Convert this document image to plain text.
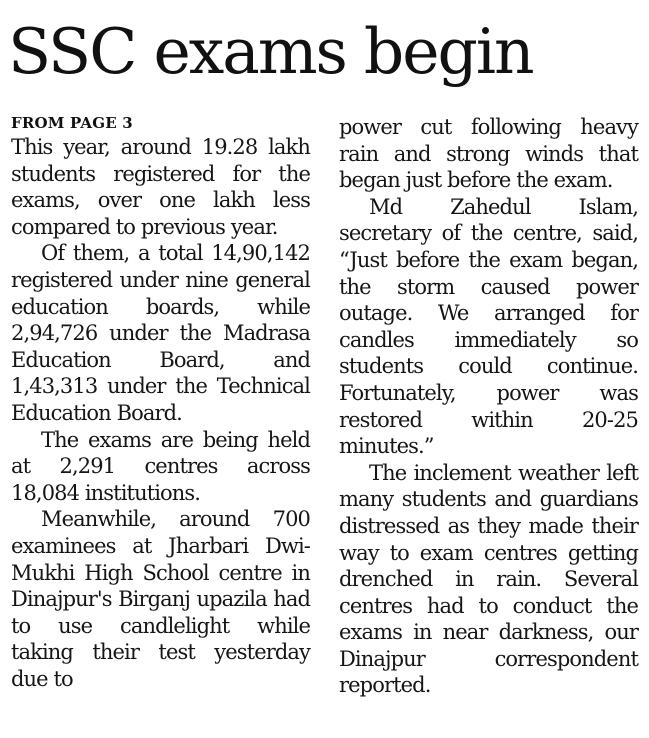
SSC exams begin

FROM PAGE 3

This year, around 19.28 lakh students registered for the exams, over one lakh less compared to previous year.

Of them, a total 14,90,142 registered under nine general education boards, while 2,94,726 under the Madrasa Education Board, and 1,43,313 under the Technical Education Board.

The exams are being held at 2,291 centres across 18,084 institutions.

Meanwhile, around 700 examinees at Jharbari Dwi-Mukhi High School centre in Dinajpur's Birganj upazila had to use candlelight while taking their test yesterday due to

power cut following heavy rain and strong winds that began just before the exam.

Md Zahedul Islam, secretary of the centre, said, “Just before the exam began, the storm caused power outage. We arranged for candles immediately so students could continue. Fortunately, power was restored within 20-25 minutes.”

The inclement weather left many students and guardians distressed as they made their way to exam centres getting drenched in rain. Several centres had to conduct the exams in near darkness, our Dinajpur correspondent reported.
